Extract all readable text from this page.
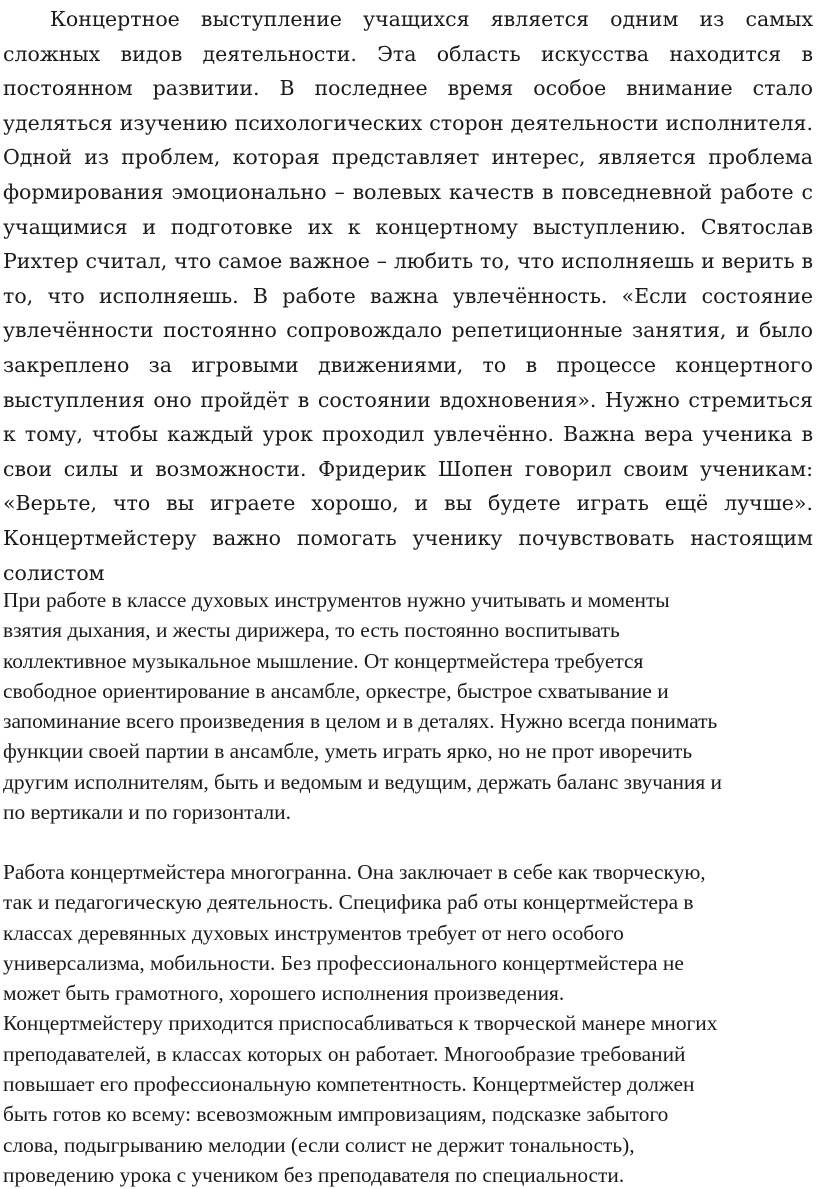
Концертное выступление учащихся является одним из самых сложных видов деятельности. Эта область искусства находится в постоянном развитии. В последнее время особое внимание стало уделяться изучению психологических сторон деятельности исполнителя. Одной из проблем, которая представляет интерес, является проблема формирования эмоционально – волевых качеств в повседневной работе с учащимися и подготовке их к концертному выступлению. Святослав Рихтер считал, что самое важное – любить то, что исполняешь и верить в то, что исполняешь. В работе важна увлечённость. «Если состояние увлечённости постоянно сопровождало репетиционные занятия, и было закреплено за игровыми движениями, то в процессе концертного выступления оно пройдёт в состоянии вдохновения». Нужно стремиться к тому, чтобы каждый урок проходил увлечённо. Важна вера ученика в свои силы и возможности. Фридерик Шопен говорил своим ученикам: «Верьте, что вы играете хорошо, и вы будете играть ещё лучше». Концертмейстеру важно помогать ученику почувствовать настоящим солистом

При работе в классе духовых инструментов нужно учитывать и моменты
взятия дыхания, и жесты дирижера, то есть постоянно воспитывать
коллективное музыкальное мышление. От концертмейстера требуется
свободное ориентирование в ансамбле, оркестре, быстрое схватывание и
запоминание всего произведения в целом и в деталях. Нужно всегда понимать
функции своей партии в ансамбле, уметь играть ярко, но не прот иворечить
другим исполнителям, быть и ведомым и ведущим, держать баланс звучания и
по вертикали и по горизонтали.
Работа концертмейстера многогранна. Она заключает в себе как творческую,
так и педагогическую деятельность. Специфика раб оты концертмейстера в
классах деревянных духовых инструментов требует от него особого
универсализма, мобильности. Без профессионального концертмейстера не
может быть грамотного, хорошего исполнения произведения.
Концертмейстеру приходится приспосабливаться к творческой манере многих
преподавателей, в классах которых он работает. Многообразие требований
повышает его профессиональную компетентность. Концертмейстер должен
быть готов ко всему: всевозможным импровизациям, подсказке забытого
слова, подыгрыванию мелодии (если солист не держит тональность),
проведению урока с учеником без преподавателя по специальности.
